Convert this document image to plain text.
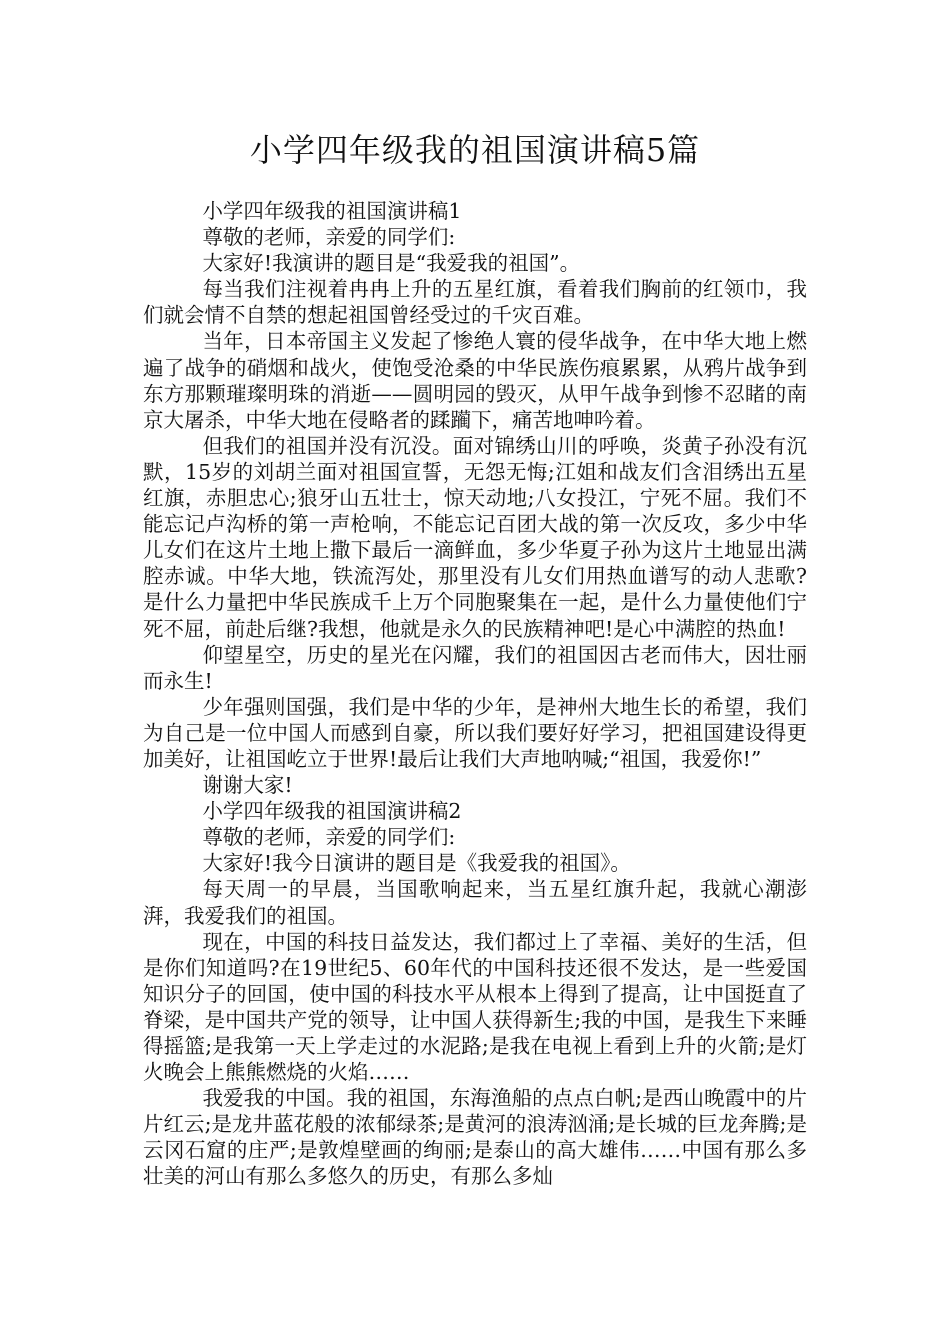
小学四年级我的祖国演讲稿5篇

小学四年级我的祖国演讲稿1

尊敬的老师，亲爱的同学们:

大家好!我演讲的题目是“我爱我的祖国”。

每当我们注视着冉冉上升的五星红旗，看着我们胸前的红领巾，我们就会情不自禁的想起祖国曾经受过的千灾百难。

当年，日本帝国主义发起了惨绝人寰的侵华战争，在中华大地上燃遍了战争的硝烟和战火，使饱受沧桑的中华民族伤痕累累，从鸦片战争到东方那颗璀璨明珠的消逝——圆明园的毁灭，从甲午战争到惨不忍睹的南京大屠杀，中华大地在侵略者的蹂躏下，痛苦地呻吟着。

但我们的祖国并没有沉没。面对锦绣山川的呼唤，炎黄子孙没有沉默，15岁的刘胡兰面对祖国宣誓，无怨无悔;江姐和战友们含泪绣出五星红旗，赤胆忠心;狼牙山五壮士，惊天动地;八女投江，宁死不屈。我们不能忘记卢沟桥的第一声枪响，不能忘记百团大战的第一次反攻，多少中华儿女们在这片土地上撒下最后一滴鲜血，多少华夏子孙为这片土地显出满腔赤诚。中华大地，铁流泻处，那里没有儿女们用热血谱写的动人悲歌?是什么力量把中华民族成千上万个同胞聚集在一起，是什么力量使他们宁死不屈，前赴后继?我想，他就是永久的民族精神吧!是心中满腔的热血!

仰望星空，历史的星光在闪耀，我们的祖国因古老而伟大，因壮丽而永生!

少年强则国强，我们是中华的少年，是神州大地生长的希望，我们为自己是一位中国人而感到自豪，所以我们要好好学习，把祖国建设得更加美好，让祖国屹立于世界!最后让我们大声地呐喊;“祖国，我爱你!”

谢谢大家!

小学四年级我的祖国演讲稿2

尊敬的老师，亲爱的同学们:

大家好!我今日演讲的题目是《我爱我的祖国》。

每天周一的早晨，当国歌响起来，当五星红旗升起，我就心潮澎湃，我爱我们的祖国。

现在，中国的科技日益发达，我们都过上了幸福、美好的生活，但是你们知道吗?在19世纪5、60年代的中国科技还很不发达，是一些爱国知识分子的回国，使中国的科技水平从根本上得到了提高，让中国挺直了脊梁，是中国共产党的领导，让中国人获得新生;我的中国，是我生下来睡得摇篮;是我第一天上学走过的水泥路;是我在电视上看到上升的火箭;是灯火晚会上熊熊燃烧的火焰……

我爱我的中国。我的祖国，东海渔船的点点白帆;是西山晚霞中的片片红云;是龙井蓝花般的浓郁绿茶;是黄河的浪涛汹涌;是长城的巨龙奔腾;是云冈石窟的庄严;是敦煌壁画的绚丽;是泰山的高大雄伟……中国有那么多壮美的河山有那么多悠久的历史，有那么多灿
